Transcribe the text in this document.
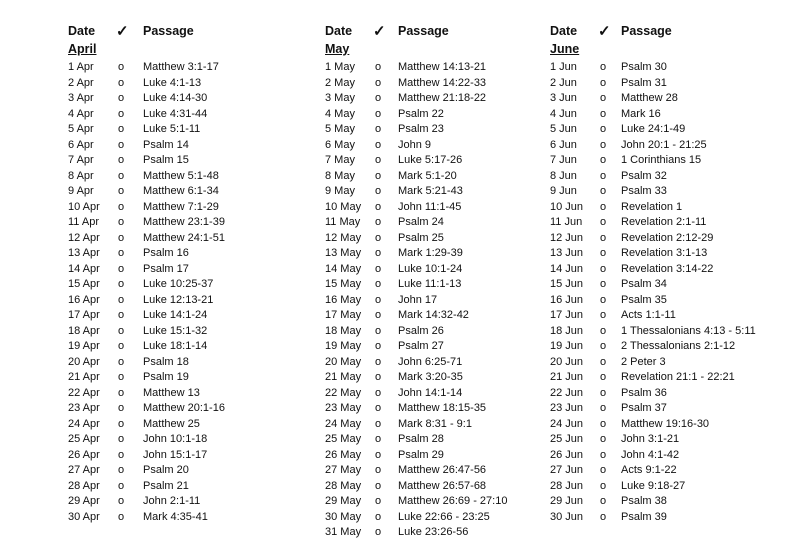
Date ✓ Passage
April
1 Apr o Matthew 3:1-17
2 Apr o Luke 4:1-13
3 Apr o Luke 4:14-30
4 Apr o Luke 4:31-44
5 Apr o Luke 5:1-11
6 Apr o Psalm 14
7 Apr o Psalm 15
8 Apr o Matthew 5:1-48
9 Apr o Matthew 6:1-34
10 Apr o Matthew 7:1-29
11 Apr o Matthew 23:1-39
12 Apr o Matthew 24:1-51
13 Apr o Psalm 16
14 Apr o Psalm 17
15 Apr o Luke 10:25-37
16 Apr o Luke 12:13-21
17 Apr o Luke 14:1-24
18 Apr o Luke 15:1-32
19 Apr o Luke 18:1-14
20 Apr o Psalm 18
21 Apr o Psalm 19
22 Apr o Matthew 13
23 Apr o Matthew 20:1-16
24 Apr o Matthew 25
25 Apr o John 10:1-18
26 Apr o John 15:1-17
27 Apr o Psalm 20
28 Apr o Psalm 21
29 Apr o John 2:1-11
30 Apr o Mark 4:35-41
Date ✓ Passage
May
1 May o Matthew 14:13-21
2 May o Matthew 14:22-33
3 May o Matthew 21:18-22
4 May o Psalm 22
5 May o Psalm 23
6 May o John 9
7 May o Luke 5:17-26
8 May o Mark 5:1-20
9 May o Mark 5:21-43
10 May o John 11:1-45
11 May o Psalm 24
12 May o Psalm 25
13 May o Mark 1:29-39
14 May o Luke 10:1-24
15 May o Luke 11:1-13
16 May o John 17
17 May o Mark 14:32-42
18 May o Psalm 26
19 May o Psalm 27
20 May o John 6:25-71
21 May o Mark 3:20-35
22 May o John 14:1-14
23 May o Matthew 18:15-35
24 May o Mark 8:31 - 9:1
25 May o Psalm 28
26 May o Psalm 29
27 May o Matthew 26:47-56
28 May o Matthew 26:57-68
29 May o Matthew 26:69 - 27:10
30 May o Luke 22:66 - 23:25
31 May o Luke 23:26-56
Date ✓ Passage
June
1 Jun o Psalm 30
2 Jun o Psalm 31
3 Jun o Matthew 28
4 Jun o Mark 16
5 Jun o Luke 24:1-49
6 Jun o John 20:1 - 21:25
7 Jun o 1 Corinthians 15
8 Jun o Psalm 32
9 Jun o Psalm 33
10 Jun o Revelation 1
11 Jun o Revelation 2:1-11
12 Jun o Revelation 2:12-29
13 Jun o Revelation 3:1-13
14 Jun o Revelation 3:14-22
15 Jun o Psalm 34
16 Jun o Psalm 35
17 Jun o Acts 1:1-11
18 Jun o 1 Thessalonians 4:13 - 5:11
19 Jun o 2 Thessalonians 2:1-12
20 Jun o 2 Peter 3
21 Jun o Revelation 21:1 - 22:21
22 Jun o Psalm 36
23 Jun o Psalm 37
24 Jun o Matthew 19:16-30
25 Jun o John 3:1-21
26 Jun o John 4:1-42
27 Jun o Acts 9:1-22
28 Jun o Luke 9:18-27
29 Jun o Psalm 38
30 Jun o Psalm 39
